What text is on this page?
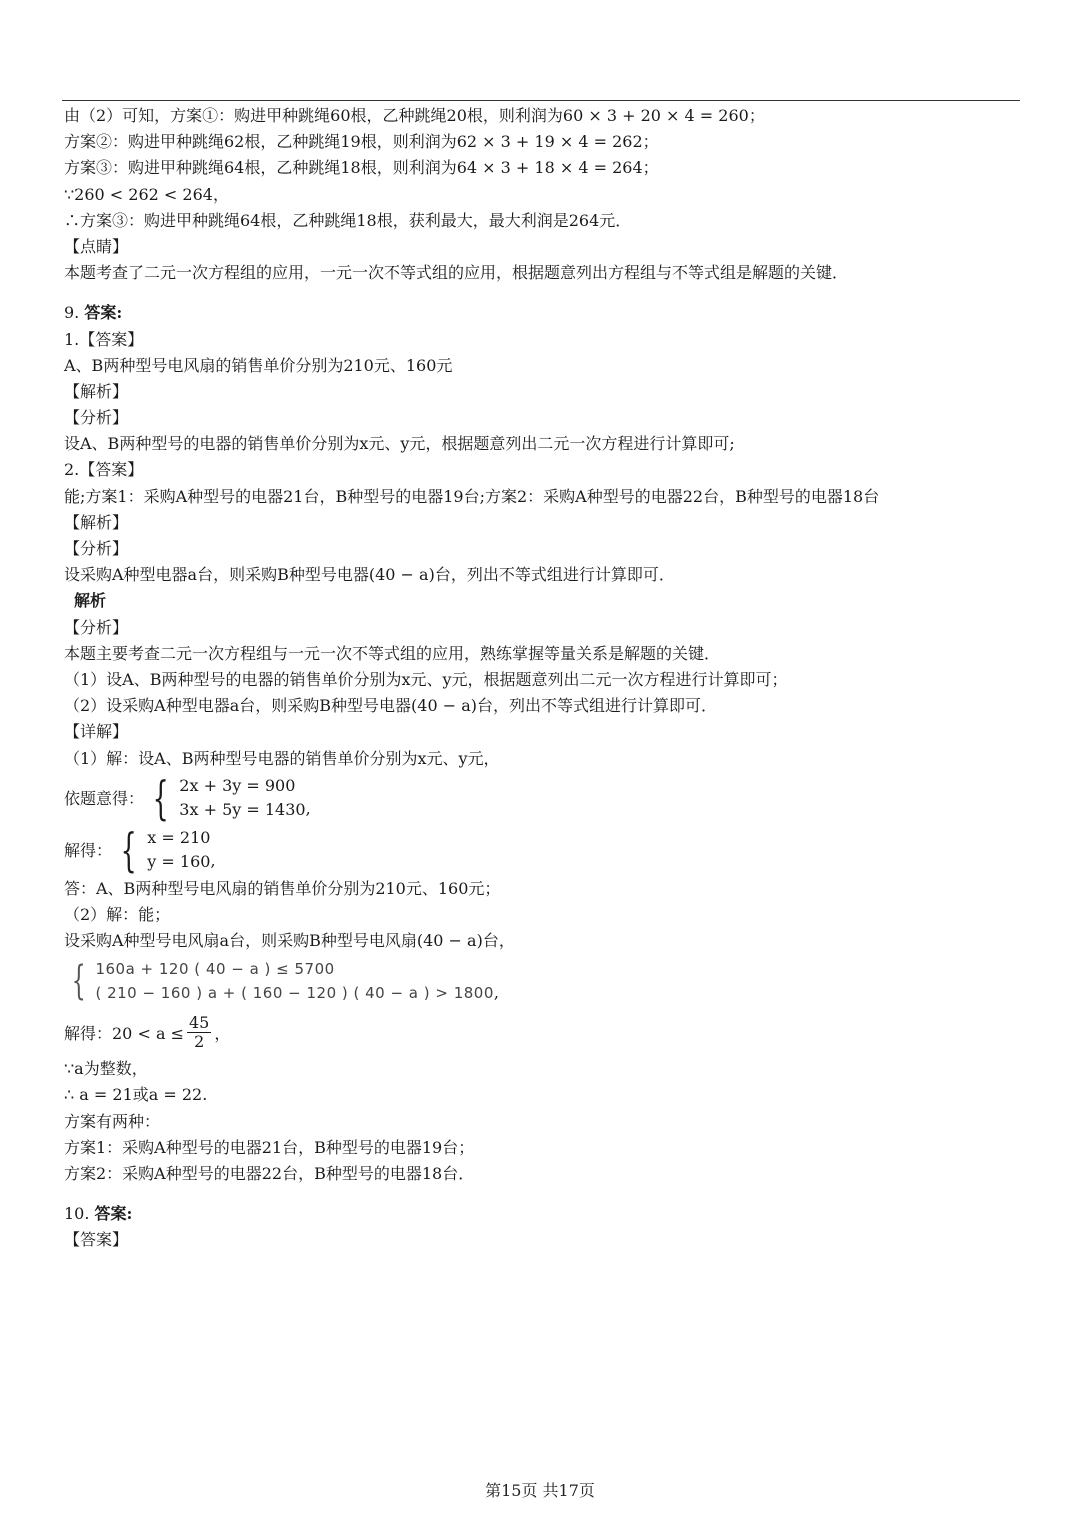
由（2）可知，方案①：购进甲种跳绳60根，乙种跳绳20根，则利润为60 × 3 + 20 × 4 = 260；
方案②：购进甲种跳绳62根，乙种跳绳19根，则利润为62 × 3 + 19 × 4 = 262；
方案③：购进甲种跳绳64根，乙种跳绳18根，则利润为64 × 3 + 18 × 4 = 264；
∵260 < 262 < 264，
∴方案③：购进甲种跳绳64根，乙种跳绳18根，获利最大，最大利润是264元．
【点睛】
本题考查了二元一次方程组的应用，一元一次不等式组的应用，根据题意列出方程组与不等式组是解题的关键．
9. 答案:
1.【答案】
A、B两种型号电风扇的销售单价分别为210元、160元
【解析】
【分析】
设A、B两种型号的电器的销售单价分别为x元、y元，根据题意列出二元一次方程进行计算即可;
2.【答案】
能;方案1：采购A种型号的电器21台，B种型号的电器19台;方案2：采购A种型号的电器22台，B种型号的电器18台
【解析】
【分析】
设采购A种型电器a台，则采购B种型号电器(40 − a)台，列出不等式组进行计算即可．
解析
【分析】
本题主要考查二元一次方程组与一元一次不等式组的应用，熟练掌握等量关系是解题的关键．
（1）设A、B两种型号的电器的销售单价分别为x元、y元，根据题意列出二元一次方程进行计算即可；
（2）设采购A种型电器a台，则采购B种型号电器(40 − a)台，列出不等式组进行计算即可．
【详解】
（1）解：设A、B两种型号电器的销售单价分别为x元、y元，
依题意得： { 2x + 3y = 900
3x + 5y = 1430 ,
解得： { x = 210
y = 160 ,
答：A、B两种型号电风扇的销售单价分别为210元、160元；
（2）解：能；
设采购A种型号电风扇a台，则采购B种型号电风扇(40 − a)台，
{ 160a + 120 ( 40 − a ) ≤ 5700
( 210 − 160 ) a + ( 160 − 120 ) ( 40 − a ) > 1800 ,
解得：$20 < a \le \frac{45}{2}$ ，
∵a为整数，
∴ a = 21或a = 22.
方案有两种：
方案1：采购A种型号的电器21台，B种型号的电器19台；
方案2：采购A种型号的电器22台，B种型号的电器18台．
10. 答案:
【答案】
第15页 共17页
